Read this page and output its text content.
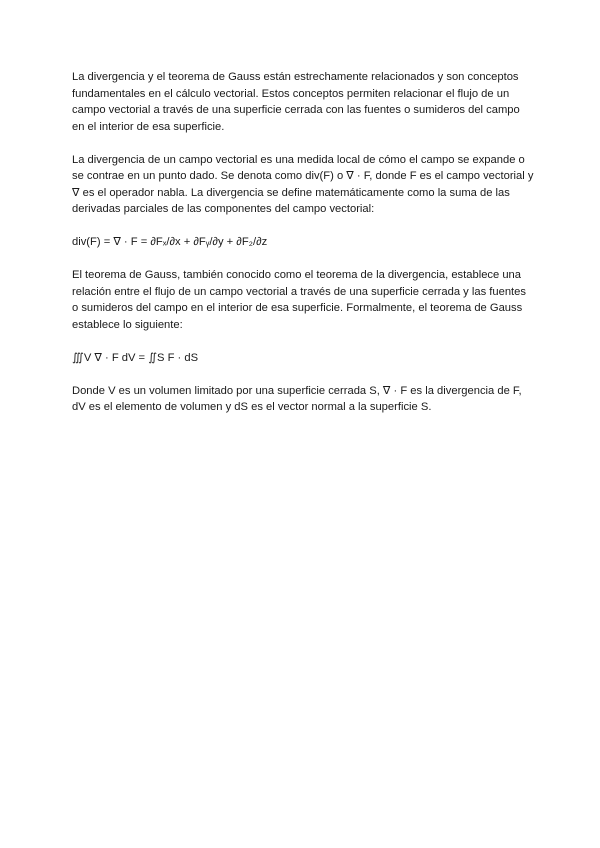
La divergencia y el teorema de Gauss están estrechamente relacionados y son conceptos fundamentales en el cálculo vectorial. Estos conceptos permiten relacionar el flujo de un campo vectorial a través de una superficie cerrada con las fuentes o sumideros del campo en el interior de esa superficie.

La divergencia de un campo vectorial es una medida local de cómo el campo se expande o se contrae en un punto dado. Se denota como div(F) o ∇ · F, donde F es el campo vectorial y ∇ es el operador nabla. La divergencia se define matemáticamente como la suma de las derivadas parciales de las componentes del campo vectorial:

div(F) = ∇ · F = ∂Fₓ/∂x + ∂Fᵧ/∂y + ∂F₂/∂z

El teorema de Gauss, también conocido como el teorema de la divergencia, establece una relación entre el flujo de un campo vectorial a través de una superficie cerrada y las fuentes o sumideros del campo en el interior de esa superficie. Formalmente, el teorema de Gauss establece lo siguiente:

∭V ∇ · F dV = ∬S F · dS

Donde V es un volumen limitado por una superficie cerrada S, ∇ · F es la divergencia de F, dV es el elemento de volumen y dS es el vector normal a la superficie S.
